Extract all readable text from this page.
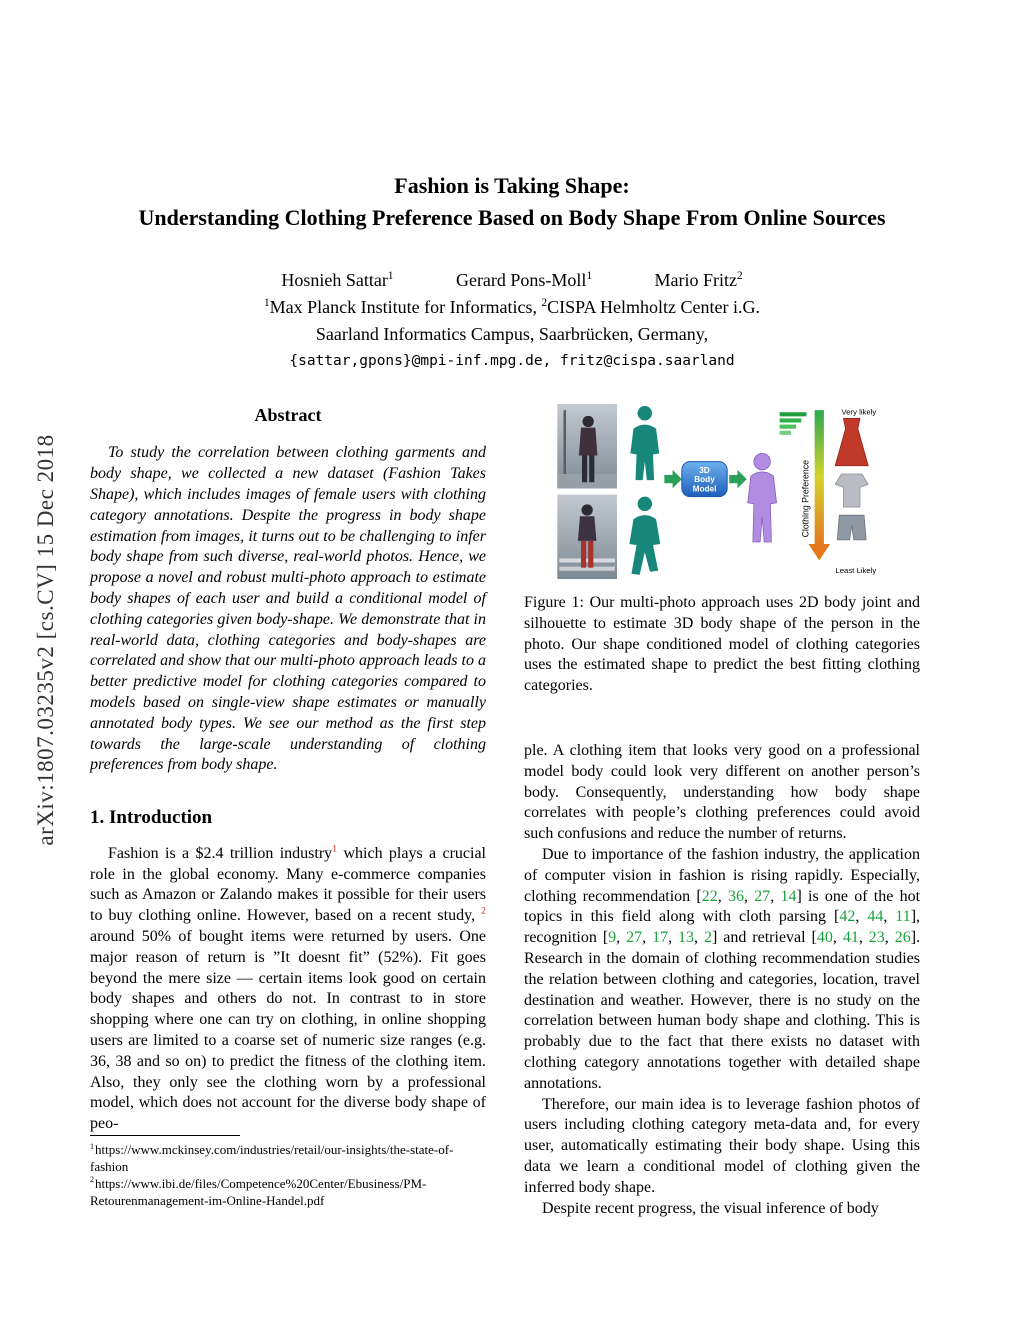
arXiv:1807.03235v2 [cs.CV] 15 Dec 2018
Fashion is Taking Shape:
Understanding Clothing Preference Based on Body Shape From Online Sources
Hosnieh Sattar$^1$	Gerard Pons-Moll$^1$	Mario Fritz$^2$
$^1$Max Planck Institute for Informatics, $^2$CISPA Helmholtz Center i.G.
Saarland Informatics Campus, Saarbrücken, Germany,
{sattar,gpons}@mpi-inf.mpg.de, fritz@cispa.saarland
Abstract

To study the correlation between clothing garments and body shape, we collected a new dataset (Fashion Takes Shape), which includes images of female users with clothing category annotations. Despite the progress in body shape estimation from images, it turns out to be challenging to infer body shape from such diverse, real-world photos. Hence, we propose a novel and robust multi-photo approach to estimate body shapes of each user and build a conditional model of clothing categories given body-shape. We demonstrate that in real-world data, clothing categories and body-shapes are correlated and show that our multi-photo approach leads to a better predictive model for clothing categories compared to models based on single-view shape estimates or manually annotated body types. We see our method as the first step towards the large-scale understanding of clothing preferences from body shape.

1. Introduction

Fashion is a $2.4 trillion industry$^1$ which plays a crucial role in the global economy. Many e-commerce companies such as Amazon or Zalando makes it possible for their users to buy clothing online. However, based on a recent study, $^2$ around 50% of bought items were returned by users. One major reason of return is ”It doesnt fit” (52%). Fit goes beyond the mere size — certain items look good on certain body shapes and others do not. In contrast to in store shopping where one can try on clothing, in online shopping users are limited to a coarse set of numeric size ranges (e.g. 36, 38 and so on) to predict the fitness of the clothing item. Also, they only see the clothing worn by a professional model, which does not account for the diverse body shape of peo-

$^1$https://www.mckinsey.com/industries/retail/our-insights/the-state-of-fashion
$^2$https://www.ibi.de/files/Competence%20Center/Ebusiness/PM-Retourenmanagement-im-Online-Handel.pdf
3D
Body
Model
Very likely
Clothing Preference
Least Likely
Figure 1: Our multi-photo approach uses 2D body joint and silhouette to estimate 3D body shape of the person in the photo. Our shape conditioned model of clothing categories uses the estimated shape to predict the best fitting clothing categories.

ple. A clothing item that looks very good on a professional model body could look very different on another person’s body. Consequently, understanding how body shape correlates with people’s clothing preferences could avoid such confusions and reduce the number of returns.

Due to importance of the fashion industry, the application of computer vision in fashion is rising rapidly. Especially, clothing recommendation [22, 36, 27, 14] is one of the hot topics in this field along with cloth parsing [42, 44, 11], recognition [9, 27, 17, 13, 2] and retrieval [40, 41, 23, 26]. Research in the domain of clothing recommendation studies the relation between clothing and categories, location, travel destination and weather. However, there is no study on the correlation between human body shape and clothing. This is probably due to the fact that there exists no dataset with clothing category annotations together with detailed shape annotations.

Therefore, our main idea is to leverage fashion photos of users including clothing category meta-data and, for every user, automatically estimating their body shape. Using this data we learn a conditional model of clothing given the inferred body shape.

Despite recent progress, the visual inference of body
